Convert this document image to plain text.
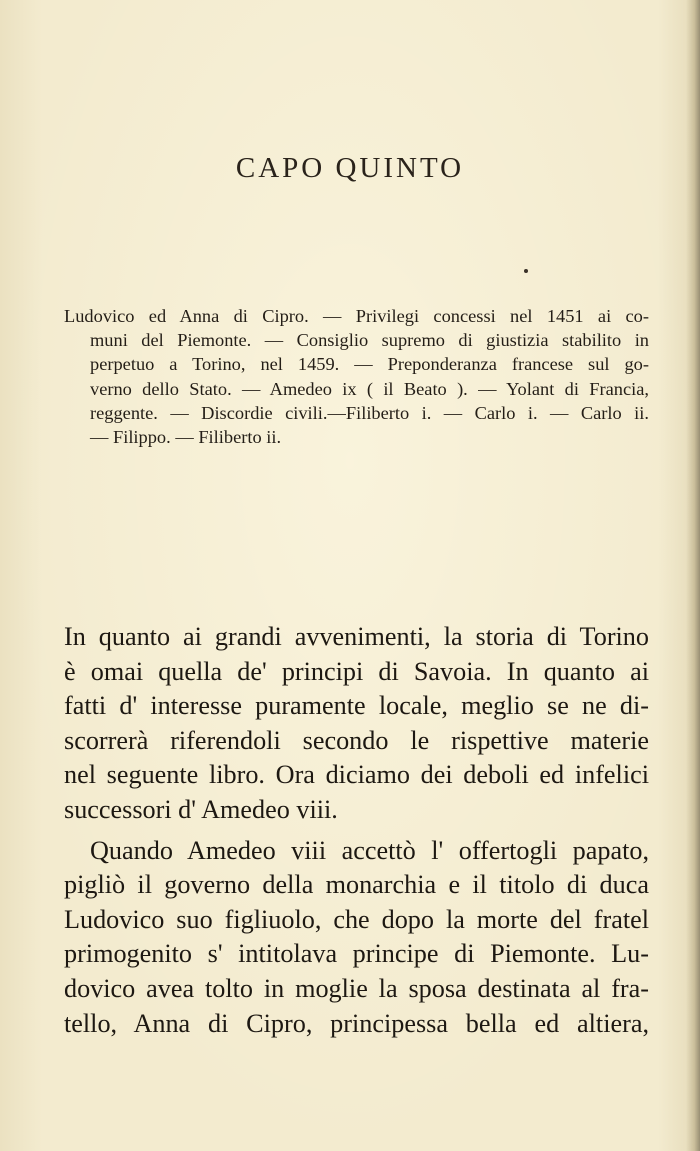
CAPO QUINTO
Ludovico ed Anna di Cipro. — Privilegi concessi nel 1451 ai co-
muni del Piemonte. — Consiglio supremo di giustizia stabilito in
perpetuo a Torino, nel 1459. — Preponderanza francese sul go-
verno dello Stato. — Amedeo ix ( il Beato ). — Yolant di Francia,
reggente. — Discordie civili.—Filiberto i. — Carlo i. — Carlo ii.
— Filippo. — Filiberto ii.
In quanto ai grandi avvenimenti, la storia di Torino
è omai quella de' principi di Savoia. In quanto ai
fatti d' interesse puramente locale, meglio se ne di-
scorrerà riferendoli secondo le rispettive materie
nel seguente libro. Ora diciamo dei deboli ed infelici
successori d' Amedeo viii.
Quando Amedeo viii accettò l' offertogli papato,
pigliò il governo della monarchia e il titolo di duca
Ludovico suo figliuolo, che dopo la morte del fratel
primogenito s' intitolava principe di Piemonte. Lu-
dovico avea tolto in moglie la sposa destinata al fra-
tello, Anna di Cipro, principessa bella ed altiera,
